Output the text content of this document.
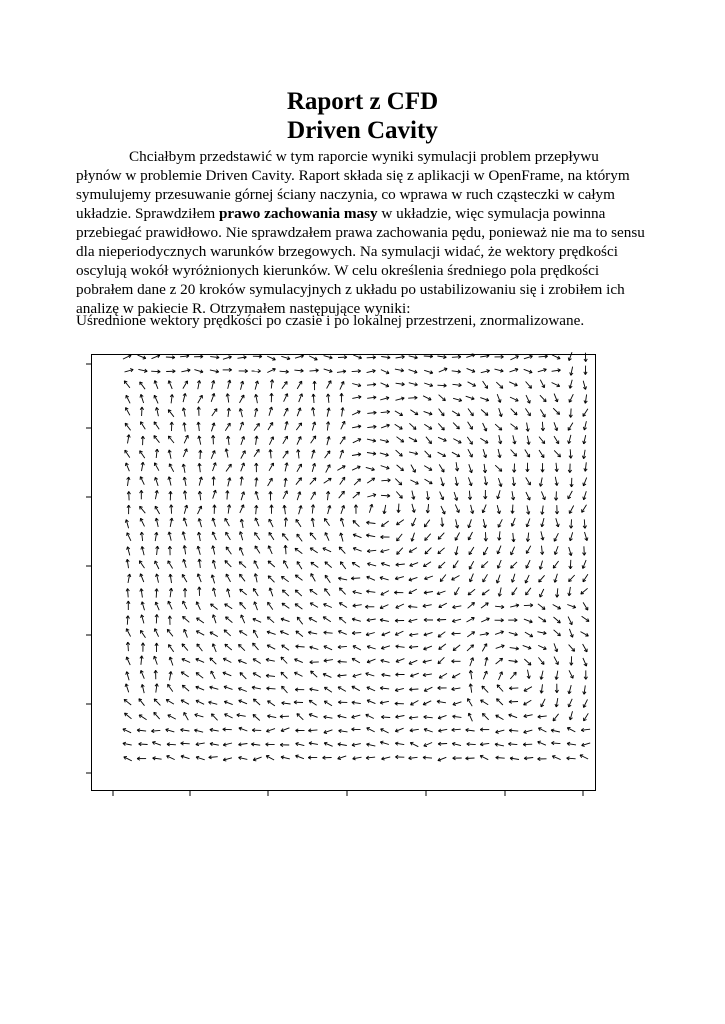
Raport z CFD
Driven Cavity

Chciałbym przedstawić w tym raporcie wyniki symulacji problem przepływu płynów w problemie Driven Cavity. Raport składa się z aplikacji w OpenFrame, na którym symulujemy przesuwanie górnej ściany naczynia, co wprawa w ruch cząsteczki w całym układzie. Sprawdziłem prawo zachowania masy w układzie, więc symulacja powinna przebiegać prawidłowo. Nie sprawdzałem prawa zachowania pędu, ponieważ nie ma to sensu dla nieperiodycznych warunków brzegowych. Na symulacji widać, że wektory prędkości oscylują wokół wyróżnionych kierunków. W celu określenia średniego pola prędkości pobrałem dane z 20 kroków symulacyjnych z układu po ustabilizowaniu się i zrobiłem ich analizę w pakiecie R. Otrzymałem następujące wyniki:

Uśrednione wektory prędkości po czasie i po lokalnej przestrzeni, znormalizowane.
